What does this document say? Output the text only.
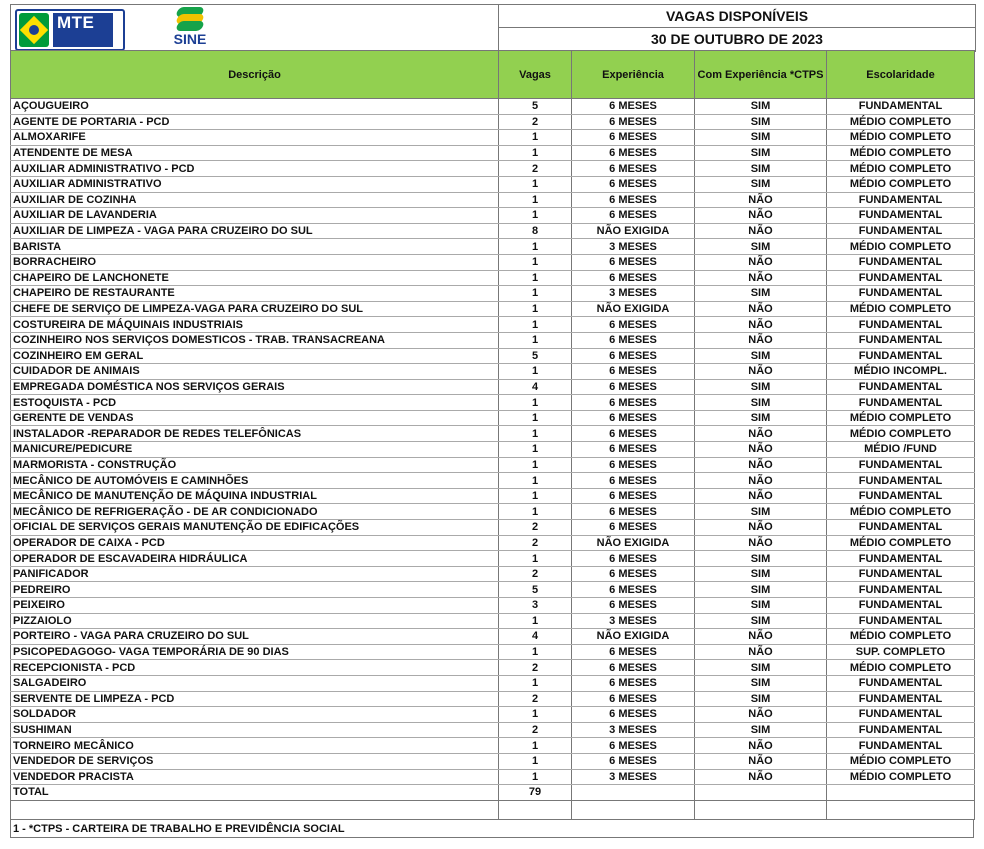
MTE
SINE
VAGAS DISPONÍVEIS
30 DE OUTUBRO DE 2023
Descrição	Vagas	Experiência	Com Experiência *CTPS	Escolaridade
AÇOUGUEIRO	5	6 MESES	SIM	FUNDAMENTAL
AGENTE DE PORTARIA - PCD	2	6 MESES	SIM	MÉDIO COMPLETO
ALMOXARIFE	1	6 MESES	SIM	MÉDIO COMPLETO
ATENDENTE DE MESA	1	6 MESES	SIM	MÉDIO COMPLETO
AUXILIAR ADMINISTRATIVO - PCD	2	6 MESES	SIM	MÉDIO COMPLETO
AUXILIAR ADMINISTRATIVO	1	6 MESES	SIM	MÉDIO COMPLETO
AUXILIAR DE COZINHA	1	6 MESES	NÃO	FUNDAMENTAL
AUXILIAR DE LAVANDERIA	1	6 MESES	NÃO	FUNDAMENTAL
AUXILIAR DE LIMPEZA - VAGA PARA CRUZEIRO DO SUL	8	NÃO EXIGIDA	NÃO	FUNDAMENTAL
BARISTA	1	3 MESES	SIM	MÉDIO COMPLETO
BORRACHEIRO	1	6 MESES	NÃO	FUNDAMENTAL
CHAPEIRO DE LANCHONETE	1	6 MESES	NÃO	FUNDAMENTAL
CHAPEIRO DE RESTAURANTE	1	3 MESES	SIM	FUNDAMENTAL
CHEFE DE SERVIÇO DE LIMPEZA-VAGA PARA CRUZEIRO DO SUL	1	NÃO EXIGIDA	NÃO	MÉDIO COMPLETO
COSTUREIRA DE MÁQUINAIS INDUSTRIAIS	1	6 MESES	NÃO	FUNDAMENTAL
COZINHEIRO NOS SERVIÇOS DOMESTICOS - TRAB. TRANSACREANA	1	6 MESES	NÃO	FUNDAMENTAL
COZINHEIRO EM GERAL	5	6 MESES	SIM	FUNDAMENTAL
CUIDADOR DE ANIMAIS	1	6 MESES	NÃO	MÉDIO INCOMPL.
EMPREGADA DOMÉSTICA NOS SERVIÇOS GERAIS	4	6 MESES	SIM	FUNDAMENTAL
ESTOQUISTA - PCD	1	6 MESES	SIM	FUNDAMENTAL
GERENTE DE VENDAS	1	6 MESES	SIM	MÉDIO COMPLETO
INSTALADOR -REPARADOR DE REDES TELEFÔNICAS	1	6 MESES	NÃO	MÉDIO COMPLETO
MANICURE/PEDICURE	1	6 MESES	NÃO	MÉDIO /FUND
MARMORISTA - CONSTRUÇÃO	1	6 MESES	NÃO	FUNDAMENTAL
MECÂNICO DE AUTOMÓVEIS E CAMINHÕES	1	6 MESES	NÃO	FUNDAMENTAL
MECÂNICO DE MANUTENÇÃO DE MÁQUINA INDUSTRIAL	1	6 MESES	NÃO	FUNDAMENTAL
MECÂNICO DE REFRIGERAÇÃO - DE AR CONDICIONADO	1	6 MESES	SIM	MÉDIO COMPLETO
OFICIAL DE SERVIÇOS GERAIS MANUTENÇÃO DE EDIFICAÇÕES	2	6 MESES	NÃO	FUNDAMENTAL
OPERADOR DE CAIXA - PCD	2	NÃO EXIGIDA	NÃO	MÉDIO COMPLETO
OPERADOR DE ESCAVADEIRA HIDRÁULICA	1	6 MESES	SIM	FUNDAMENTAL
PANIFICADOR	2	6 MESES	SIM	FUNDAMENTAL
PEDREIRO	5	6 MESES	SIM	FUNDAMENTAL
PEIXEIRO	3	6 MESES	SIM	FUNDAMENTAL
PIZZAIOLO	1	3 MESES	SIM	FUNDAMENTAL
PORTEIRO - VAGA PARA CRUZEIRO DO SUL	4	NÃO EXIGIDA	NÃO	MÉDIO COMPLETO
PSICOPEDAGOGO- VAGA TEMPORÁRIA DE 90 DIAS	1	6 MESES	NÃO	SUP. COMPLETO
RECEPCIONISTA - PCD	2	6 MESES	SIM	MÉDIO COMPLETO
SALGADEIRO	1	6 MESES	SIM	FUNDAMENTAL
SERVENTE DE LIMPEZA - PCD	2	6 MESES	SIM	FUNDAMENTAL
SOLDADOR	1	6 MESES	NÃO	FUNDAMENTAL
SUSHIMAN	2	3 MESES	SIM	FUNDAMENTAL
TORNEIRO MECÂNICO	1	6 MESES	NÃO	FUNDAMENTAL
VENDEDOR DE SERVIÇOS	1	6 MESES	NÃO	MÉDIO COMPLETO
VENDEDOR PRACISTA	1	3 MESES	NÃO	MÉDIO COMPLETO
TOTAL	79			

1 - *CTPS - CARTEIRA DE TRABALHO E PREVIDÊNCIA SOCIAL
